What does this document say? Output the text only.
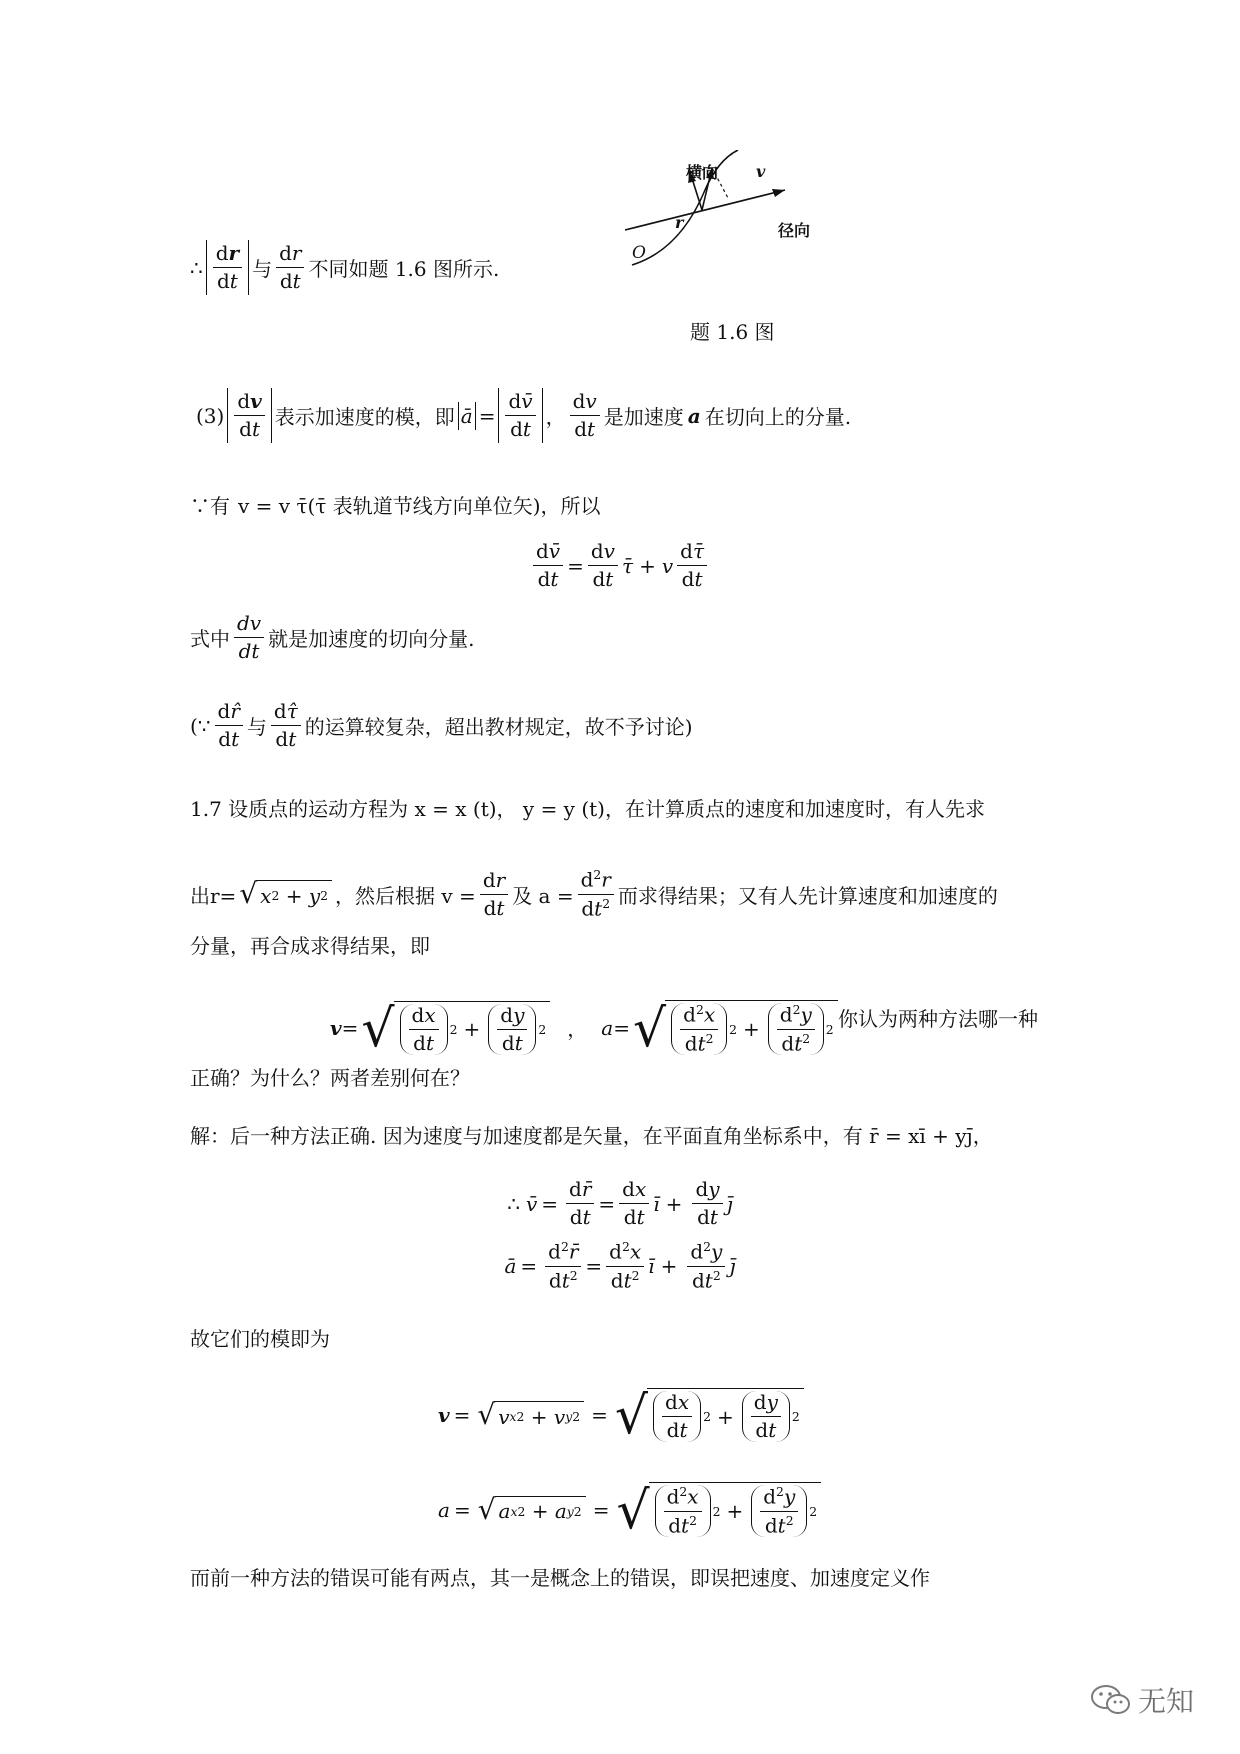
横向 v
r	径向
O
题 1.6 图
∴ $\frac{dr}{dt}$ 与 $\frac{dr}{dt}$ 不同如题 1.6 图所示.
$(3) \frac{dv}{dt}$ 表示加速度的模，即 ā = $\frac{dv̄}{dt}$ ， $\frac{dv}{dt}$ 是加速度 a 在切向上的分量.
∵有 v = v τ̄(τ̄ 表轨道节线方向单位矢)，所以
$\frac{dv̄}{dt} = \frac{dv}{dt}$ τ̄ + v $\frac{d\taū}{dt}$
式中 $\frac{dv}{dt}$ 就是加速度的切向分量.
(∵ $\frac{dr̂}{dt}$ 与 $\frac{d\taû}{dt}$ 的运算较复杂，超出教材规定，故不予讨论)
1.7 设质点的运动方程为 x = x (t)， y = y (t)，在计算质点的速度和加速度时，有人先求
出r= √ x 2 + y 2 ，然后根据 $v = \frac{dr}{dt}$ 及 $a = \frac{d^2r}{dt^2}$ 而求得结果；又有人先计算速度和加速度的
分量，再合成求得结果，即
v = √ $\frac{dx}{dt} 2 + \frac{dy}{dt} 2$ ， a = √ $\frac{d^2x}{dt^2} 2 + \frac{d^2y}{dt^2} 2$ 你认为两种方法哪一种
正确？为什么？两者差别何在？
解：后一种方法正确. 因为速度与加速度都是矢量，在平面直角坐标系中，有 r̄ = xī + yj̄，
∴ v̄ = $\frac{dr̄}{dt} = \frac{dx}{dt}$ ī + $\frac{dy}{dt}$ j̄
ā = $\frac{d^2r̄}{dt^2} = \frac{d^2x}{dt^2}$ ī + $\frac{d^2y}{dt^2}$ j̄
故它们的模即为
v = √ v x 2 + v y 2 = √ $\frac{dx}{dt} 2 + \frac{dy}{dt} 2$
a = √ a x 2 + a y 2 = √ $\frac{d^2x}{dt^2} 2 + \frac{d^2y}{dt^2} 2$
而前一种方法的错误可能有两点，其一是概念上的错误，即误把速度、加速度定义作
无知
